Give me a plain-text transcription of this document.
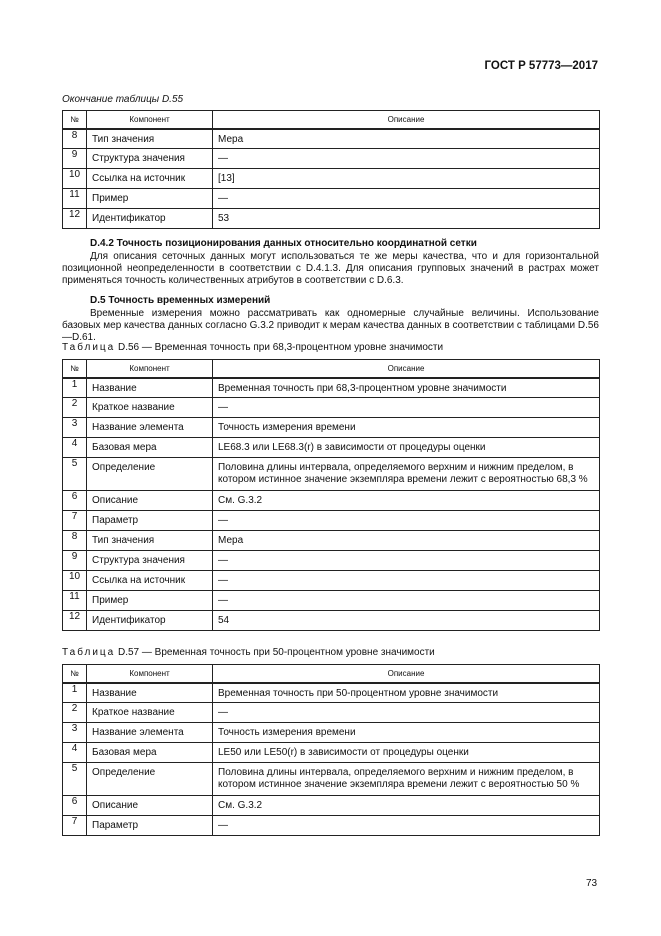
ГОСТ Р 57773—2017
Окончание таблицы D.55
№	Компонент	Описание
8	Тип значения	Мера
9	Структура значения	—
10	Ссылка на источник	[13]
11	Пример	—
12	Идентификатор	53
D.4.2 Точность позиционирования данных относительно координатной сетки
Для описания сеточных данных могут использоваться те же меры качества, что и для горизонтальной позиционной неопределенности в соответствии с D.4.1.3. Для описания групповых значений в растрах может применяться точность количественных атрибутов в соответствии с D.6.3.
D.5 Точность временных измерений
Временные измерения можно рассматривать как одномерные случайные величины. Использование базовых мер качества данных согласно G.3.2 приводит к мерам качества данных в соответствии с таблицами D.56—D.61.
Таблица D.56 — Временная точность при 68,3-процентном уровне значимости
№	Компонент	Описание
1	Название	Временная точность при 68,3-процентном уровне значимости
2	Краткое название	—
3	Название элемента	Точность измерения времени
4	Базовая мера	LE68.3 или LE68.3(r) в зависимости от процедуры оценки
5	Определение	Половина длины интервала, определяемого верхним и нижним пределом, в котором истинное значение экземпляра времени лежит с вероятностью 68,3 %
6	Описание	См. G.3.2
7	Параметр	—
8	Тип значения	Мера
9	Структура значения	—
10	Ссылка на источник	—
11	Пример	—
12	Идентификатор	54
Таблица D.57 — Временная точность при 50-процентном уровне значимости
№	Компонент	Описание
1	Название	Временная точность при 50-процентном уровне значимости
2	Краткое название	—
3	Название элемента	Точность измерения времени
4	Базовая мера	LE50 или LE50(r) в зависимости от процедуры оценки
5	Определение	Половина длины интервала, определяемого верхним и нижним пределом, в котором истинное значение экземпляра времени лежит с вероятностью 50 %
6	Описание	См. G.3.2
7	Параметр	—
73
